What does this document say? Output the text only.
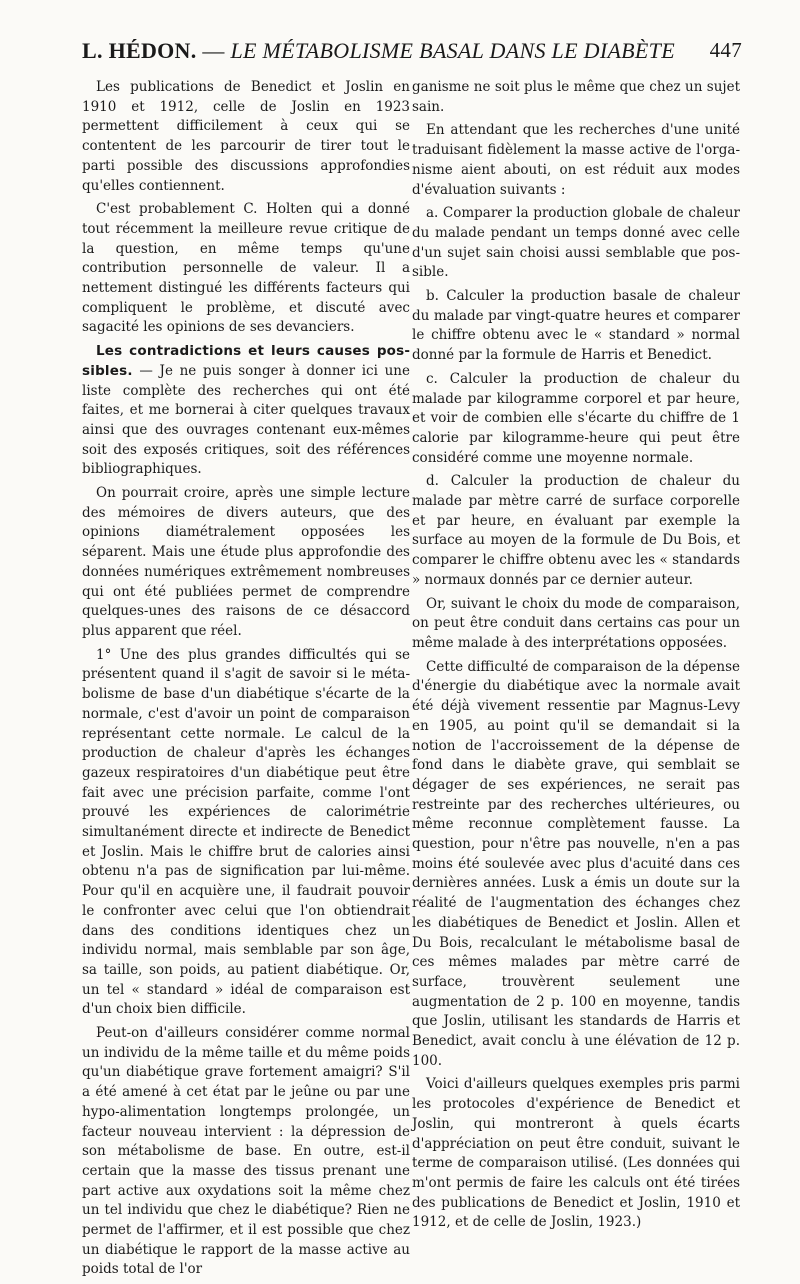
L. HÉDON. — LE MÉTABOLISME BASAL DANS LE DIABÈTE 447

Les publications de Benedict et Joslin en 1910 et 1912, celle de Joslin en 1923 permettent difficilement à ceux qui se contentent de les parcourir de tirer tout le parti possible des discussions approfondies qu'elles contiennent.

C'est probablement C. Holten qui a donné tout récemment la meilleure revue critique de la question, en même temps qu'une contribution personnelle de valeur. Il a nettement distingué les différents facteurs qui compliquent le problème, et discuté avec sagacité les opinions de ses devanciers.

Les contradictions et leurs causes possibles. — Je ne puis songer à donner ici une liste complète des recherches qui ont été faites, et me bornerai à citer quelques travaux ainsi que des ouvrages contenant eux-mêmes soit des exposés critiques, soit des références bibliographiques.

On pourrait croire, après une simple lecture des mémoires de divers auteurs, que des opinions diamétralement opposées les séparent. Mais une étude plus approfondie des données numériques extrêmement nombreuses qui ont été publiées permet de comprendre quelques-unes des raisons de ce désaccord plus apparent que réel.

1° Une des plus grandes difficultés qui se présentent quand il s'agit de savoir si le métabolisme de base d'un diabétique s'écarte de la normale, c'est d'avoir un point de comparaison représentant cette normale. Le calcul de la production de chaleur d'après les échanges gazeux respiratoires d'un diabétique peut être fait avec une précision parfaite, comme l'ont prouvé les expériences de calorimétrie simultanément directe et indirecte de Benedict et Joslin. Mais le chiffre brut de calories ainsi obtenu n'a pas de signification par lui-même. Pour qu'il en acquière une, il faudrait pouvoir le confronter avec celui que l'on obtiendrait dans des conditions identiques chez un individu normal, mais semblable par son âge, sa taille, son poids, au patient diabétique. Or, un tel « standard » idéal de comparaison est d'un choix bien difficile.

Peut-on d'ailleurs considérer comme normal un individu de la même taille et du même poids qu'un diabétique grave fortement amaigri? S'il a été amené à cet état par le jeûne ou par une hypo-alimentation longtemps prolongée, un facteur nouveau intervient : la dépression de son métabolisme de base. En outre, est-il certain que la masse des tissus prenant une part active aux oxydations soit la même chez un tel individu que chez le diabétique? Rien ne permet de l'affirmer, et il est possible que chez un diabétique le rapport de la masse active au poids total de l'or

ganisme ne soit plus le même que chez un sujet sain.

En attendant que les recherches d'une unité traduisant fidèlement la masse active de l'organisme aient abouti, on est réduit aux modes d'évaluation suivants :

a. Comparer la production globale de chaleur du malade pendant un temps donné avec celle d'un sujet sain choisi aussi semblable que possible.

b. Calculer la production basale de chaleur du malade par vingt-quatre heures et comparer le chiffre obtenu avec le « standard » normal donné par la formule de Harris et Benedict.

c. Calculer la production de chaleur du malade par kilogramme corporel et par heure, et voir de combien elle s'écarte du chiffre de 1 calorie par kilogramme-heure qui peut être considéré comme une moyenne normale.

d. Calculer la production de chaleur du malade par mètre carré de surface corporelle et par heure, en évaluant par exemple la surface au moyen de la formule de Du Bois, et comparer le chiffre obtenu avec les « standards » normaux donnés par ce dernier auteur.

Or, suivant le choix du mode de comparaison, on peut être conduit dans certains cas pour un même malade à des interprétations opposées.

Cette difficulté de comparaison de la dépense d'énergie du diabétique avec la normale avait été déjà vivement ressentie par Magnus-Levy en 1905, au point qu'il se demandait si la notion de l'accroissement de la dépense de fond dans le diabète grave, qui semblait se dégager de ses expériences, ne serait pas restreinte par des recherches ultérieures, ou même reconnue complètement fausse. La question, pour n'être pas nouvelle, n'en a pas moins été soulevée avec plus d'acuité dans ces dernières années. Lusk a émis un doute sur la réalité de l'augmentation des échanges chez les diabétiques de Benedict et Joslin. Allen et Du Bois, recalculant le métabolisme basal de ces mêmes malades par mètre carré de surface, trouvèrent seulement une augmentation de 2 p. 100 en moyenne, tandis que Joslin, utilisant les standards de Harris et Benedict, avait conclu à une élévation de 12 p. 100.

Voici d'ailleurs quelques exemples pris parmi les protocoles d'expérience de Benedict et Joslin, qui montreront à quels écarts d'appréciation on peut être conduit, suivant le terme de comparaison utilisé. (Les données qui m'ont permis de faire les calculs ont été tirées des publications de Benedict et Joslin, 1910 et 1912, et de celle de Joslin, 1923.)
